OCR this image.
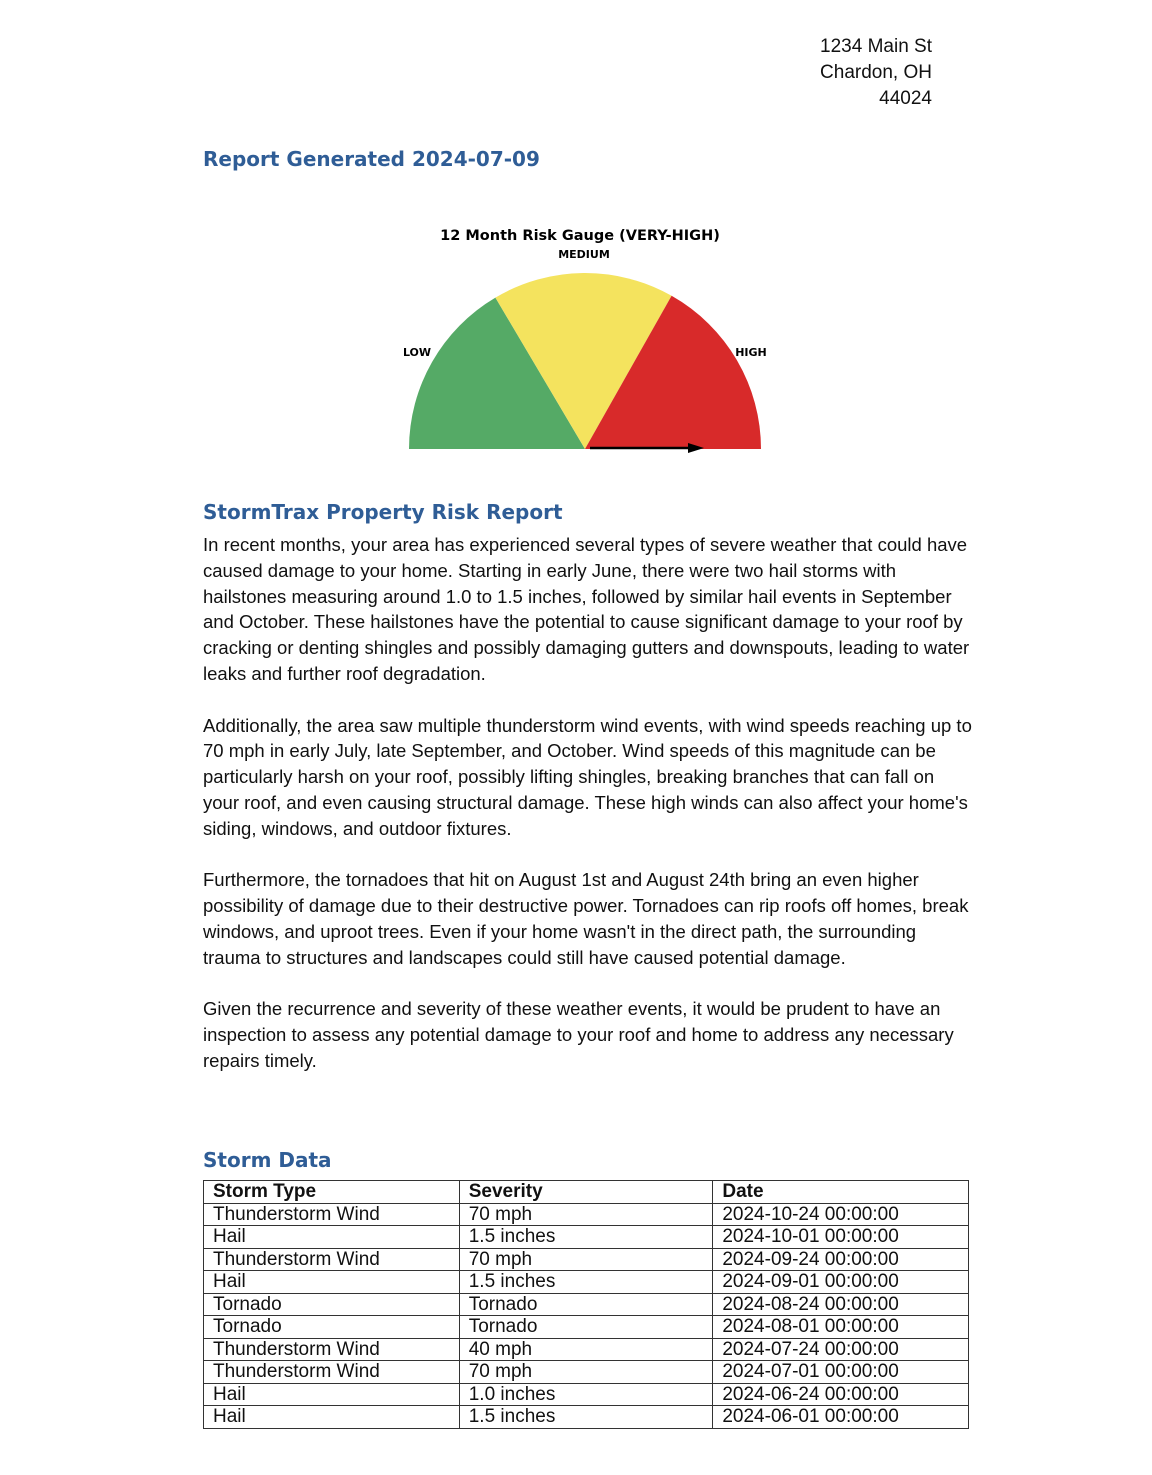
1234 Main St
Chardon, OH
44024
Report Generated 2024-07-09
12 Month Risk Gauge (VERY-HIGH)
MEDIUM
LOW	HIGH
StormTrax Property Risk Report

In recent months, your area has experienced several types of severe weather that could have caused damage to your home. Starting in early June, there were two hail storms with hailstones measuring around 1.0 to 1.5 inches, followed by similar hail events in September and October. These hailstones have the potential to cause significant damage to your roof by cracking or denting shingles and possibly damaging gutters and downspouts, leading to water leaks and further roof degradation.

Additionally, the area saw multiple thunderstorm wind events, with wind speeds reaching up to 70 mph in early July, late September, and October. Wind speeds of this magnitude can be particularly harsh on your roof, possibly lifting shingles, breaking branches that can fall on your roof, and even causing structural damage. These high winds can also affect your home's siding, windows, and outdoor fixtures.

Furthermore, the tornadoes that hit on August 1st and August 24th bring an even higher possibility of damage due to their destructive power. Tornadoes can rip roofs off homes, break windows, and uproot trees. Even if your home wasn't in the direct path, the surrounding trauma to structures and landscapes could still have caused potential damage.

Given the recurrence and severity of these weather events, it would be prudent to have an inspection to assess any potential damage to your roof and home to address any necessary repairs timely.

Storm Data
Storm Type	Severity	Date
Thunderstorm Wind	70 mph	2024-10-24 00:00:00
Hail	1.5 inches	2024-10-01 00:00:00
Thunderstorm Wind	70 mph	2024-09-24 00:00:00
Hail	1.5 inches	2024-09-01 00:00:00
Tornado	Tornado	2024-08-24 00:00:00
Tornado	Tornado	2024-08-01 00:00:00
Thunderstorm Wind	40 mph	2024-07-24 00:00:00
Thunderstorm Wind	70 mph	2024-07-01 00:00:00
Hail	1.0 inches	2024-06-24 00:00:00
Hail	1.5 inches	2024-06-01 00:00:00
